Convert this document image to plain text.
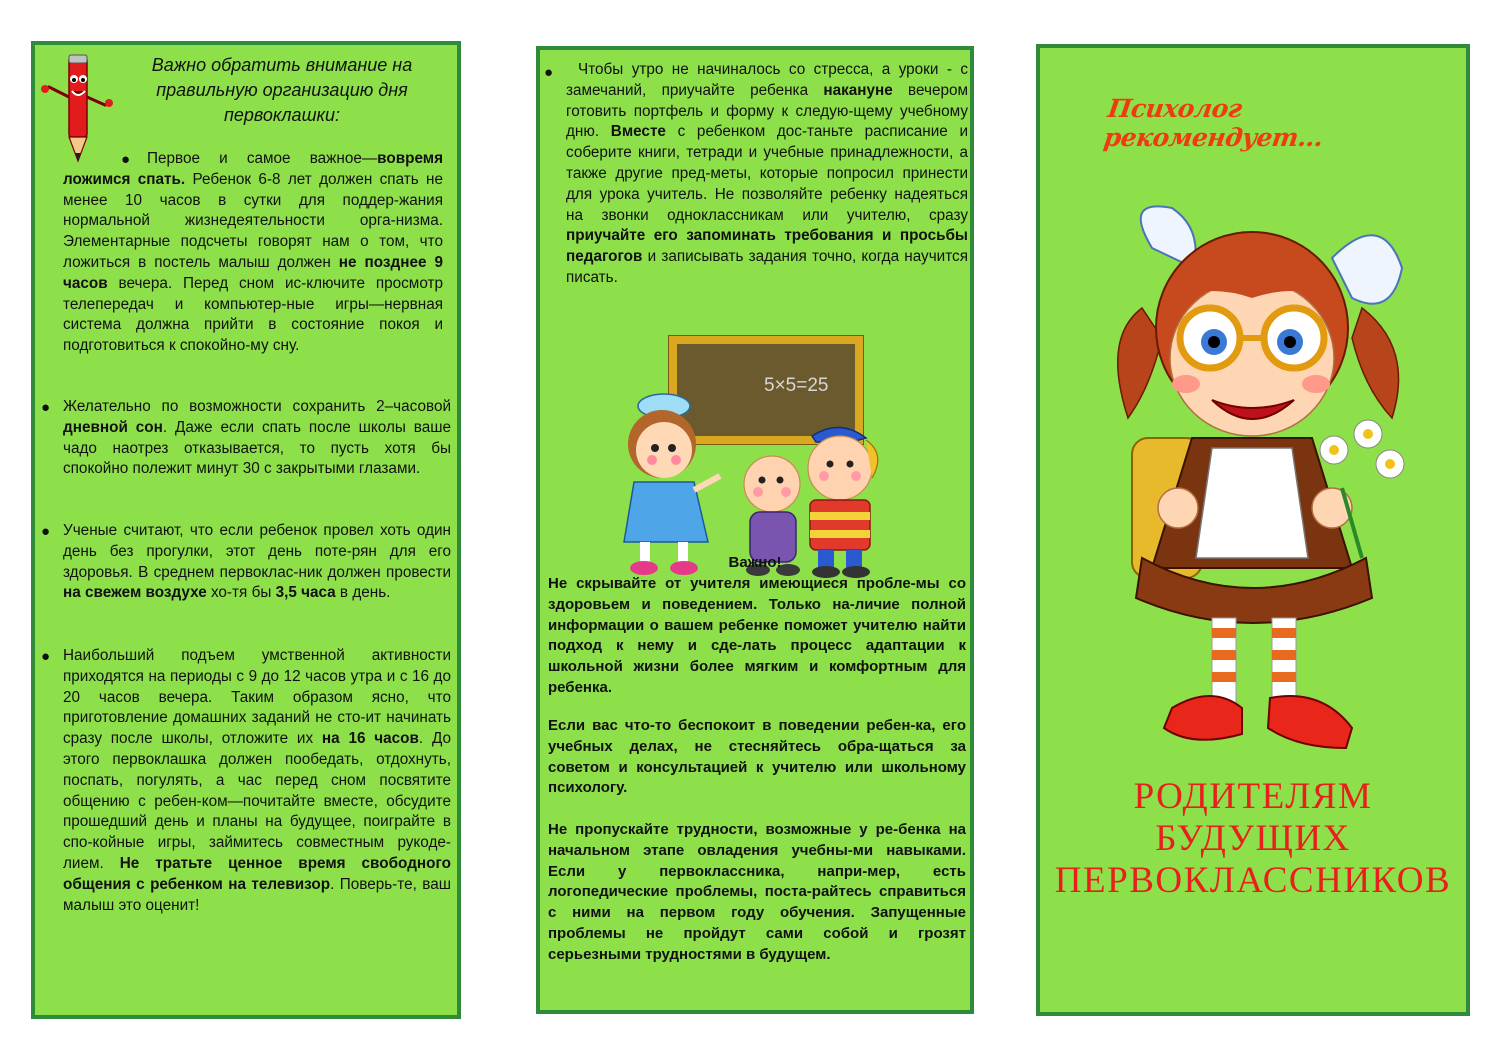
Важно обратить внимание на правильную организацию дня первоклашки:
●	Первое и самое важное—вовремя ложимся спать. Ребенок 6-8 лет должен спать не менее 10 часов в сутки для поддер-жания нормальной жизнедеятельности орга-низма. Элементарные подсчеты говорят нам о том, что ложиться в постель малыш должен не позднее 9 часов вечера. Перед сном ис-ключите просмотр телепередач и компьютер-ные игры—нервная система должна прийти в состояние покоя и подготовиться к спокойно-му сну.
● Желательно по возможности сохранить 2–часовой дневной сон. Даже если спать после школы ваше чадо наотрез отказывается, то пусть хотя бы спокойно полежит минут 30 с закрытыми глазами.
● Ученые считают, что если ребенок провел хоть один день без прогулки, этот день поте-рян для его здоровья. В среднем первоклас-ник должен провести на свежем воздухе хо-тя бы 3,5 часа в день.
● Наибольший подъем умственной активности приходятся на периоды с 9 до 12 часов утра и с 16 до 20 часов вечера. Таким образом ясно, что приготовление домашних заданий не сто-ит начинать сразу после школы, отложите их на 16 часов. До этого первоклашка должен пообедать, отдохнуть, поспать, погулять, а час перед сном посвятите общению с ребен-ком—почитайте вместе, обсудите прошедший день и планы на будущее, поиграйте в спо-койные игры, займитесь совместным рукоде-лием. Не тратьте ценное время свободного общения с ребенком на телевизор. Поверь-те, ваш малыш это оценит!
●	Чтобы утро не начиналось со стресса, а уроки - с замечаний, приучайте ребенка накануне вечером готовить портфель и форму к следую-щему учебному дню. Вместе с ребенком дос-таньте расписание и соберите книги, тетради и учебные принадлежности, а также другие пред-меты, которые попросил принести для урока учитель. Не позволяйте ребенку надеяться на звонки одноклассникам или учителю, сразу приучайте его запоминать требования и просьбы педагогов и записывать задания точно, когда научится писать.
5×5=25
Важно!
Не скрывайте от учителя имеющиеся пробле-мы со здоровьем и поведением. Только на-личие полной информации о вашем ребенке поможет учителю найти подход к нему и сде-лать процесс адаптации к школьной жизни более мягким и комфортным для ребенка.
Если вас что-то беспокоит в поведении ребен-ка, его учебных делах, не стесняйтесь обра-щаться за советом и консультацией к учителю или школьному психологу.
Не пропускайте трудности, возможные у ре-бенка на начальном этапе овладения учебны-ми навыками. Если у первоклассника, напри-мер, есть логопедические проблемы, поста-райтесь справиться с ними на первом году обучения. Запущенные проблемы не пройдут сами собой и грозят серьезными трудностями в будущем.
Психолог рекомендует...
РОДИТЕЛЯМ
БУДУЩИХ
ПЕРВОКЛАССНИКОВ
